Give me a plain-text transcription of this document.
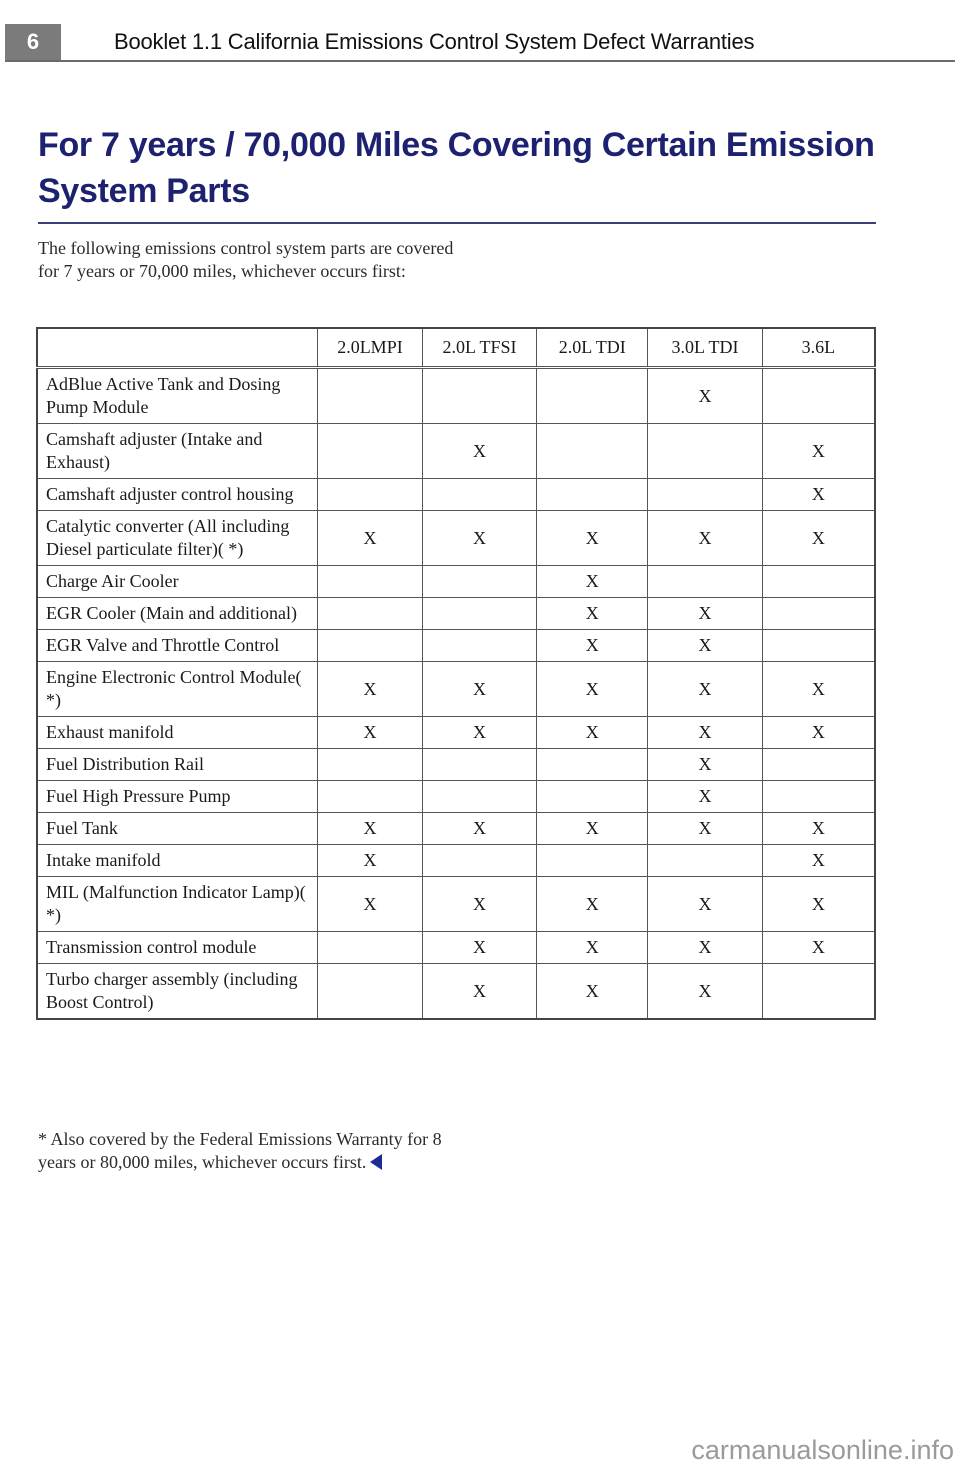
6	Booklet 1.1 California Emissions Control System Defect Warranties
For 7 years / 70,000 Miles Covering Certain Emission System Parts

The following emissions control system parts are covered for 7 years or 70,000 miles, whichever occurs first:

	2.0LMPI	2.0L TFSI	2.0L TDI	3.0L TDI	3.6L
AdBlue Active Tank and Dosing Pump Module				X	
Camshaft adjuster (Intake and Exhaust)		X			X
Camshaft adjuster control housing					X
Catalytic converter (All including Diesel particulate filter)( *)	X	X	X	X	X
Charge Air Cooler			X		
EGR Cooler (Main and additional)			X	X	
EGR Valve and Throttle Control			X	X	
Engine Electronic Control Module( *)	X	X	X	X	X
Exhaust manifold	X	X	X	X	X
Fuel Distribution Rail				X	
Fuel High Pressure Pump				X	
Fuel Tank	X	X	X	X	X
Intake manifold	X				X
MIL (Malfunction Indicator Lamp)( *)	X	X	X	X	X
Transmission control module		X	X	X	X
Turbo charger assembly (including Boost Control)		X	X	X	

* Also covered by the Federal Emissions Warranty for 8 years or 80,000 miles, whichever occurs first.

carmanualsonline.info
